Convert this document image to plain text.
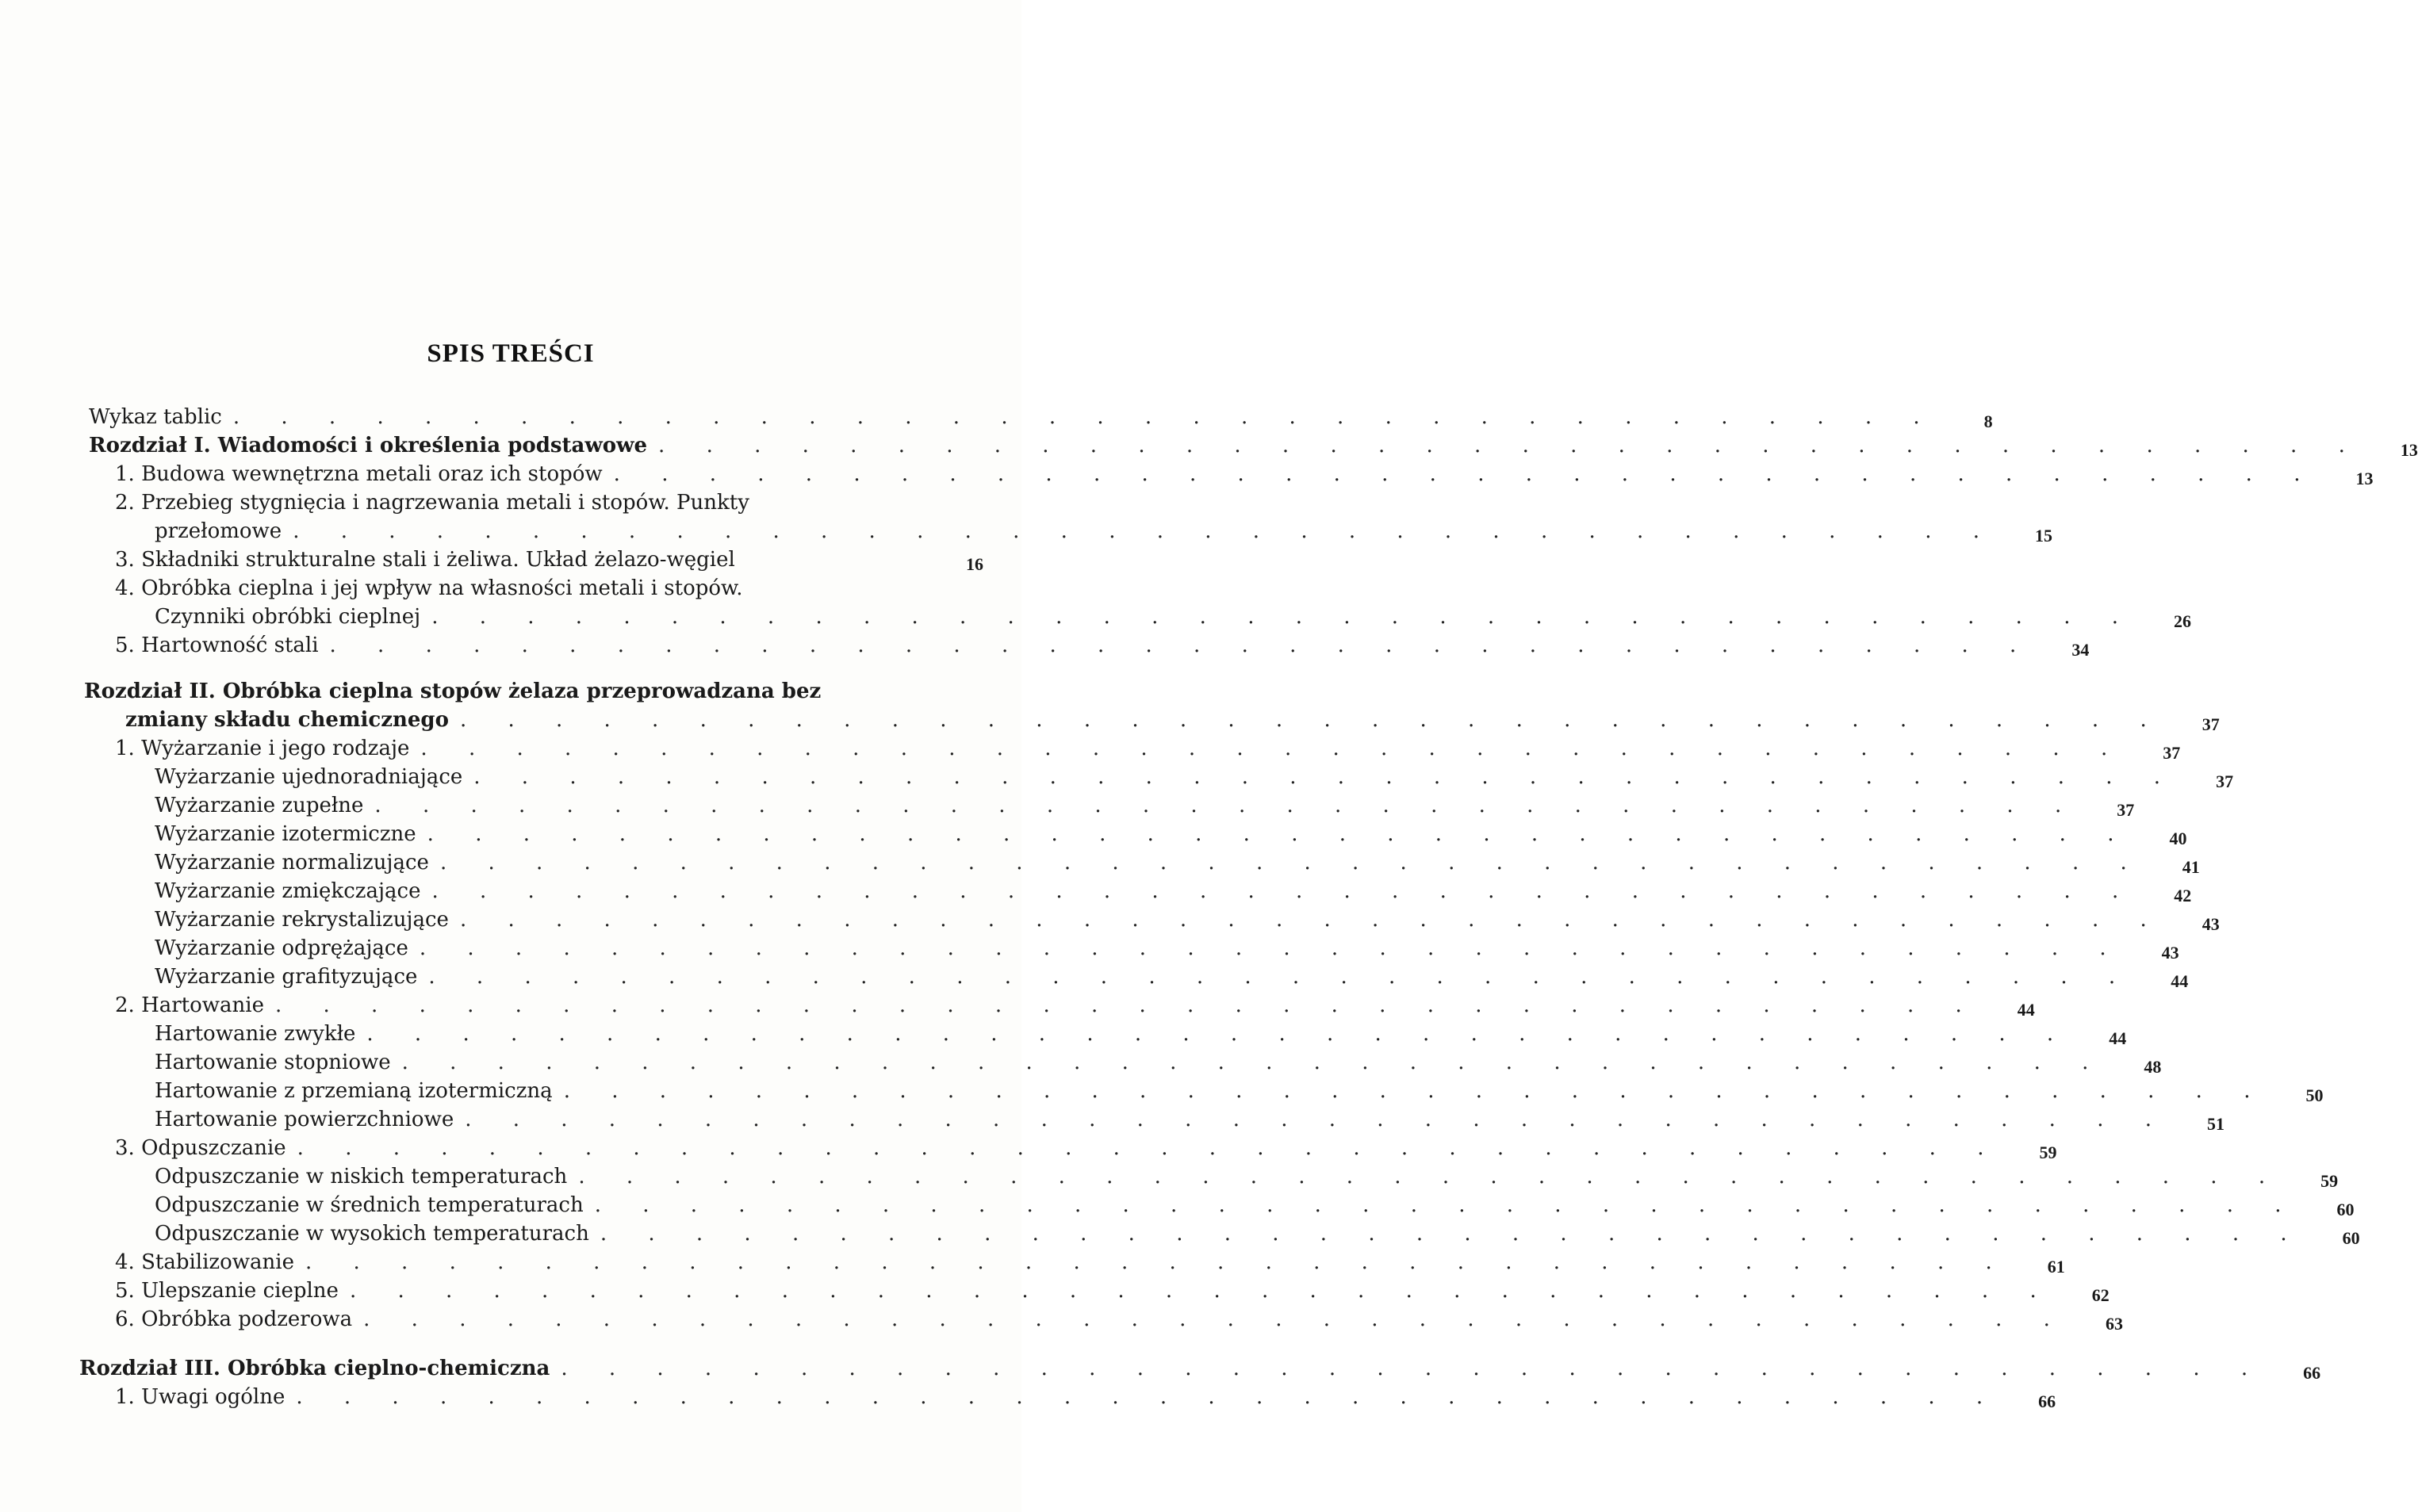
SPIS TREŚCI
Wykaz tablic . . . . . . . . . . . . . . . . . . . . . . . . . . . . . . . . . . . .	8
Rozdział I. Wiadomości i określenia podstawowe . . . . . . . . . . . . . . . . . . . . . . . . . . . . . . . . . . . .	13
1. Budowa wewnętrzna metali oraz ich stopów . . . . . . . . . . . . . . . . . . . . . . . . . . . . . . . . . . . .	13
2. Przebieg stygnięcia i nagrzewania metali i stopów. Punkty
przełomowe . . . . . . . . . . . . . . . . . . . . . . . . . . . . . . . . . . . .	15
3. Składniki strukturalne stali i żeliwa. Układ żelazo-węgiel	16
4. Obróbka cieplna i jej wpływ na własności metali i stopów.
Czynniki obróbki cieplnej . . . . . . . . . . . . . . . . . . . . . . . . . . . . . . . . . . . .	26
5. Hartowność stali . . . . . . . . . . . . . . . . . . . . . . . . . . . . . . . . . . . .	34
Rozdział II. Obróbka cieplna stopów żelaza przeprowadzana bez
zmiany składu chemicznego . . . . . . . . . . . . . . . . . . . . . . . . . . . . . . . . . . . .	37
1. Wyżarzanie i jego rodzaje . . . . . . . . . . . . . . . . . . . . . . . . . . . . . . . . . . . .	37
Wyżarzanie ujednoradniające . . . . . . . . . . . . . . . . . . . . . . . . . . . . . . . . . . . .	37
Wyżarzanie zupełne . . . . . . . . . . . . . . . . . . . . . . . . . . . . . . . . . . . .	37
Wyżarzanie izotermiczne . . . . . . . . . . . . . . . . . . . . . . . . . . . . . . . . . . . .	40
Wyżarzanie normalizujące . . . . . . . . . . . . . . . . . . . . . . . . . . . . . . . . . . . .	41
Wyżarzanie zmiękczające . . . . . . . . . . . . . . . . . . . . . . . . . . . . . . . . . . . .	42
Wyżarzanie rekrystalizujące . . . . . . . . . . . . . . . . . . . . . . . . . . . . . . . . . . . .	43
Wyżarzanie odprężające . . . . . . . . . . . . . . . . . . . . . . . . . . . . . . . . . . . .	43
Wyżarzanie grafityzujące . . . . . . . . . . . . . . . . . . . . . . . . . . . . . . . . . . . .	44
2. Hartowanie . . . . . . . . . . . . . . . . . . . . . . . . . . . . . . . . . . . .	44
Hartowanie zwykłe . . . . . . . . . . . . . . . . . . . . . . . . . . . . . . . . . . . .	44
Hartowanie stopniowe . . . . . . . . . . . . . . . . . . . . . . . . . . . . . . . . . . . .	48
Hartowanie z przemianą izotermiczną . . . . . . . . . . . . . . . . . . . . . . . . . . . . . . . . . . . .	50
Hartowanie powierzchniowe . . . . . . . . . . . . . . . . . . . . . . . . . . . . . . . . . . . .	51
3. Odpuszczanie . . . . . . . . . . . . . . . . . . . . . . . . . . . . . . . . . . . .	59
Odpuszczanie w niskich temperaturach . . . . . . . . . . . . . . . . . . . . . . . . . . . . . . . . . . . .	59
Odpuszczanie w średnich temperaturach . . . . . . . . . . . . . . . . . . . . . . . . . . . . . . . . . . . .	60
Odpuszczanie w wysokich temperaturach . . . . . . . . . . . . . . . . . . . . . . . . . . . . . . . . . . . .	60
4. Stabilizowanie . . . . . . . . . . . . . . . . . . . . . . . . . . . . . . . . . . . .	61
5. Ulepszanie cieplne . . . . . . . . . . . . . . . . . . . . . . . . . . . . . . . . . . . .	62
6. Obróbka podzerowa . . . . . . . . . . . . . . . . . . . . . . . . . . . . . . . . . . . .	63
Rozdział III. Obróbka cieplno-chemiczna . . . . . . . . . . . . . . . . . . . . . . . . . . . . . . . . . . . .	66
1. Uwagi ogólne . . . . . . . . . . . . . . . . . . . . . . . . . . . . . . . . . . . .	66
